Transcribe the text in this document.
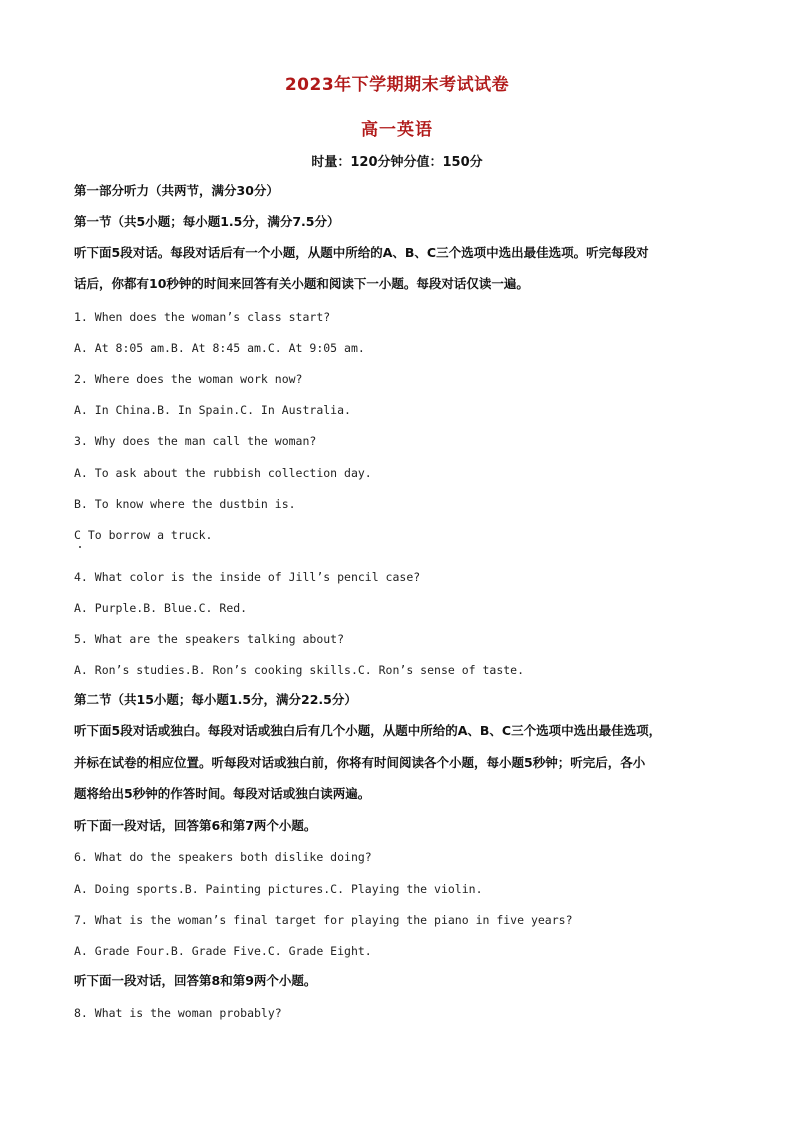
2023年下学期期末考试试卷
高一英语
时量：120分钟分值：150分
第一部分听力（共两节，满分30分）
第一节（共5小题；每小题1.5分，满分7.5分）
听下面5段对话。每段对话后有一个小题，从题中所给的A、B、C三个选项中选出最佳选项。听完每段对
话后，你都有10秒钟的时间来回答有关小题和阅读下一小题。每段对话仅读一遍。
1. When does the woman’s class start?
A. At 8:05 am.B. At 8:45 am.C. At 9:05 am.
2. Where does the woman work now?
A. In China.B. In Spain.C. In Australia.
3. Why does the man call the woman?
A. To ask about the rubbish collection day.
B. To know where the dustbin is.
C To borrow a truck.
4. What color is the inside of Jill’s pencil case?
A. Purple.B. Blue.C. Red.
5. What are the speakers talking about?
A. Ron’s studies.B. Ron’s cooking skills.C. Ron’s sense of taste.
第二节（共15小题；每小题1.5分，满分22.5分）
听下面5段对话或独白。每段对话或独白后有几个小题，从题中所给的A、B、C三个选项中选出最佳选项，
并标在试卷的相应位置。听每段对话或独白前，你将有时间阅读各个小题，每小题5秒钟；听完后，各小
题将给出5秒钟的作答时间。每段对话或独白读两遍。
听下面一段对话，回答第6和第7两个小题。
6. What do the speakers both dislike doing?
A. Doing sports.B. Painting pictures.C. Playing the violin.
7. What is the woman’s final target for playing the piano in five years?
A. Grade Four.B. Grade Five.C. Grade Eight.
听下面一段对话，回答第8和第9两个小题。
8. What is the woman probably?
